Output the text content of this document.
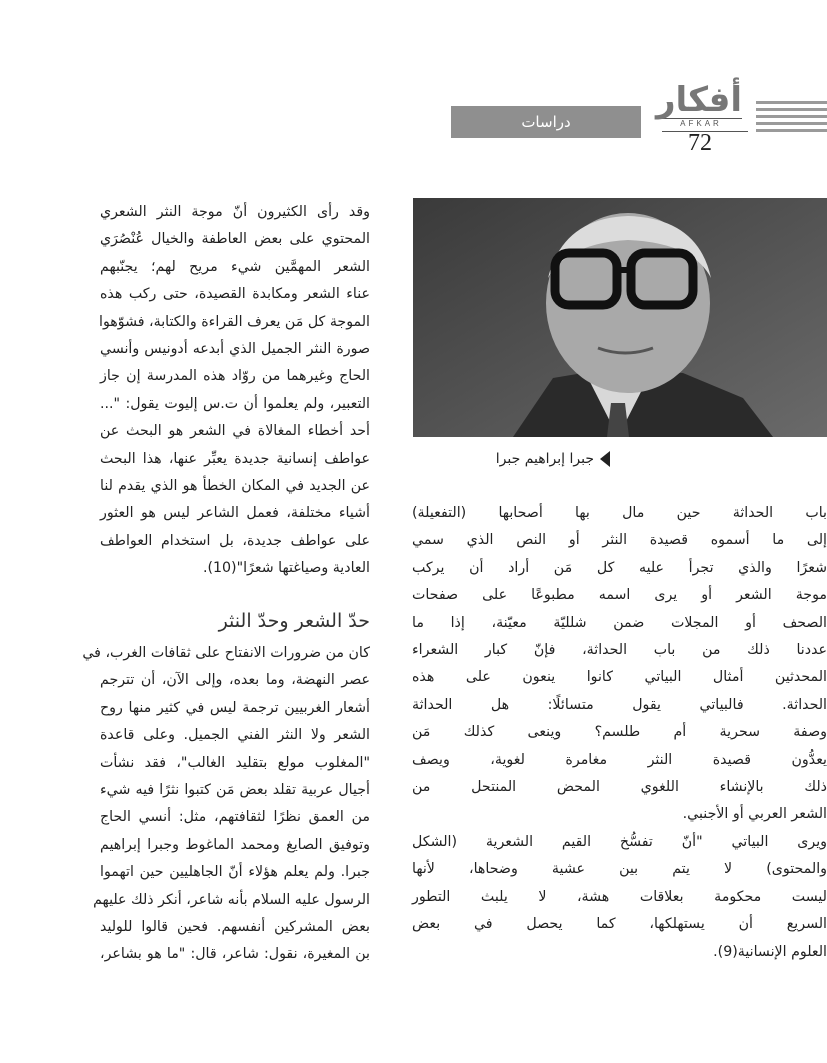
أفكار
AFKAR
دراسات
72
جبرا إبراهيم جبرا

وقد رأى الكثيرون أنّ موجة النثر الشعري

المحتوي على بعض العاطفة والخيال عُنْصُرَي

الشعر المهمَّين شيء مريح لهم؛ يجنّبهم

عناء الشعر ومكابدة القصيدة، حتى ركب هذه

الموجة كل مَن يعرف القراءة والكتابة، فشوّهوا

صورة النثر الجميل الذي أبدعه أدونيس وأنسي

الحاج وغيرهما من روّاد هذه المدرسة إن جاز

التعبير، ولم يعلموا أن ت.س إليوت يقول: "...

أحد أخطاء المغالاة في الشعر هو البحث عن

عواطف إنسانية جديدة يعبِّر عنها، هذا البحث

عن الجديد في المكان الخطأ هو الذي يقدم لنا

أشياء مختلفة، فعمل الشاعر ليس هو العثور

على عواطف جديدة، بل استخدام العواطف

العادية وصياغتها شعرًا"(10).

حدّ الشعر وحدّ النثر

كان من ضرورات الانفتاح على ثقافات الغرب، في

عصر النهضة، وما بعده، وإلى الآن، أن تترجم

أشعار الغربيين ترجمة ليس في كثير منها روح

الشعر ولا النثر الفني الجميل. وعلى قاعدة

"المغلوب مولع بتقليد الغالب"، فقد نشأت

أجيال عربية تقلد بعض مَن كتبوا نثرًا فيه شيء

من العمق نظرًا لثقافتهم، مثل: أنسي الحاج

وتوفيق الصايغ ومحمد الماغوط وجبرا إبراهيم

جبرا. ولم يعلم هؤلاء أنّ الجاهليين حين اتهموا

الرسول عليه السلام بأنه شاعر، أنكر ذلك عليهم

بعض المشركين أنفسهم. فحين قالوا للوليد

بن المغيرة، نقول: شاعر، قال: "ما هو بشاعر،

باب الحداثة حين مال بها أصحابها (التفعيلة)

إلى ما أسموه قصيدة النثر أو النص الذي سمي

شعرًا والذي تجرأ عليه كل مَن أراد أن يركب

موجة الشعر أو يرى اسمه مطبوعًا على صفحات

الصحف أو المجلات ضمن شلليّة معيّنة، إذا ما

عددنا ذلك من باب الحداثة، فإنّ كبار الشعراء

المحدثين أمثال البياتي كانوا ينعون على هذه

الحداثة. فالبياتي يقول متسائلًا: هل الحداثة

وصفة سحرية أم طلسم؟ وينعى كذلك مَن

يعدُّون قصيدة النثر مغامرة لغوية، ويصف

ذلك بالإنشاء اللغوي المحض المنتحل من

الشعر العربي أو الأجنبي.

ويرى البياتي "أنّ تفسُّخ القيم الشعرية (الشكل

والمحتوى) لا يتم بين عشية وضحاها، لأنها

ليست محكومة بعلاقات هشة، لا يلبث التطور

السريع أن يستهلكها، كما يحصل في بعض

العلوم الإنسانية(9).
